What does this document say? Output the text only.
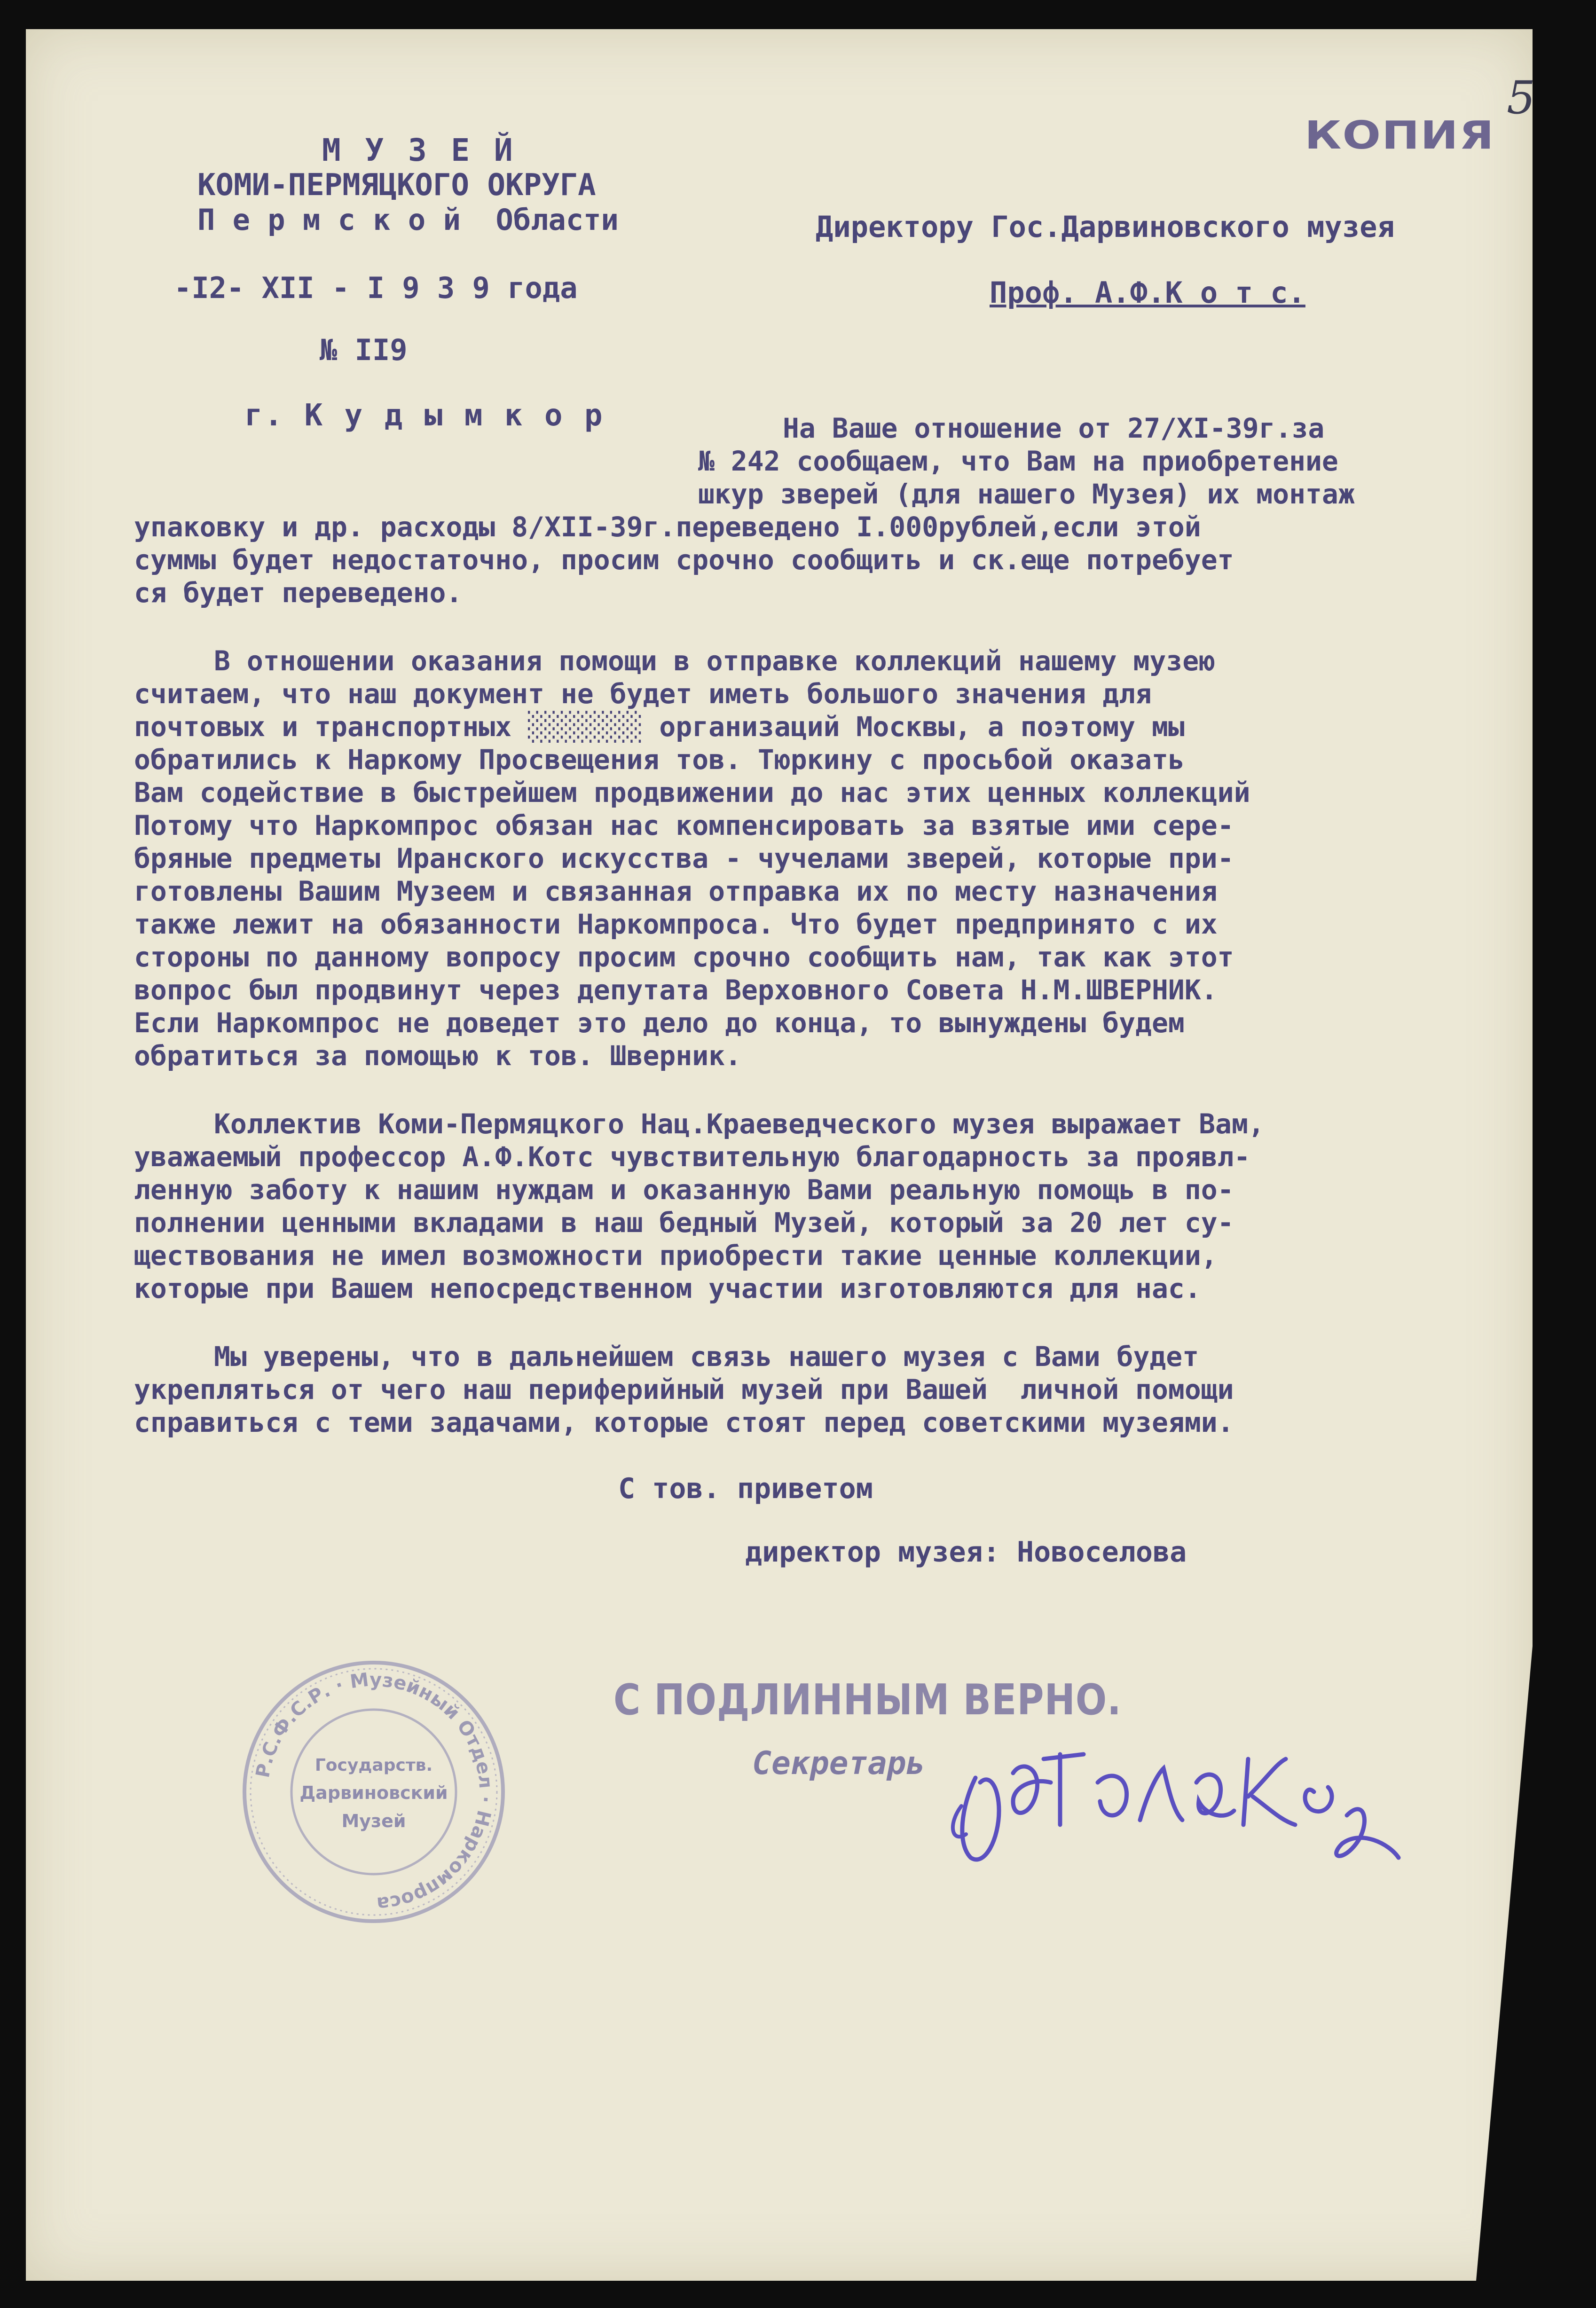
КОПИЯ
5
М У З Е Й
КОМИ-ПЕРМЯЦКОГО ОКРУГА
П е р м с к о й  Области
-I2- XII - I 9 3 9 года
№ II9
г. К у д ы м к о р
Директору Гос.Дарвиновского музея
Проф. А.Ф.К о т с.
На Ваше отношение от 27/XI-39г.за
№ 242 сообщаем, что Вам на приобретение
шкур зверей (для нашего Музея) их монтаж
упаковку и др. расходы 8/XII-39г.переведено I.000рублей,если этой
суммы будет недостаточно, просим срочно сообщить и ск.еще потребует
ся будет переведено.
В отношении оказания помощи в отправке коллекций нашему музею
считаем, что наш документ не будет иметь большого значения для
почтовых и транспортных ░░░░░░░ организаций Москвы, а поэтому мы
обратились к Наркому Просвещения тов. Тюркину с просьбой оказать
Вам содействие в быстрейшем продвижении до нас этих ценных коллекций
Потому что Наркомпрос обязан нас компенсировать за взятые ими сере-
бряные предметы Иранского искусства - чучелами зверей, которые при-
готовлены Вашим Музеем и связанная отправка их по месту назначения
также лежит на обязанности Наркомпроса. Что будет предпринято с их
стороны по данному вопросу просим срочно сообщить нам, так как этот
вопрос был продвинут через депутата Верховного Совета Н.М.ШВЕРНИК.
Если Наркомпрос не доведет это дело до конца, то вынуждены будем
обратиться за помощью к тов. Шверник.
Коллектив Коми-Пермяцкого Нац.Краеведческого музея выражает Вам,
уважаемый профессор А.Ф.Котс чувствительную благодарность за проявл-
ленную заботу к нашим нуждам и оказанную Вами реальную помощь в по-
полнении ценными вкладами в наш бедный Музей, который за 20 лет су-
ществования не имел возможности приобрести такие ценные коллекции,
которые при Вашем непосредственном участии изготовляются для нас.
Мы уверены, что в дальнейшем связь нашего музея с Вами будет
укрепляться от чего наш периферийный музей при Вашей  личной помощи
справиться с теми задачами, которые стоят перед советскими музеями.
С тов. приветом
директор музея: Новоселова
С ПОДЛИННЫМ ВЕРНО.
Секретарь
Р.С.Ф.С.Р. · Музейный Отдел · Наркомпроса
Государств.
Дарвиновский
Музей
